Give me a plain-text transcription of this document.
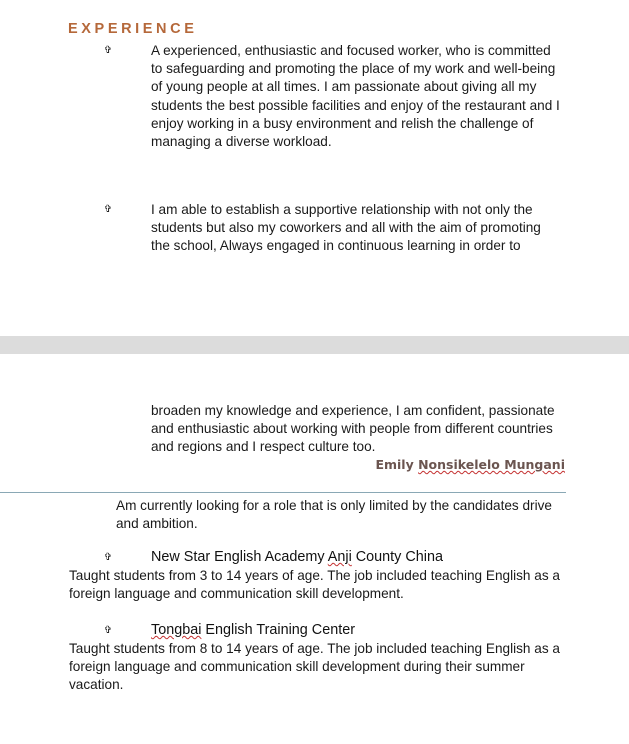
EXPERIENCE
✞

A experienced, enthusiastic and focused worker, who is committed to safeguarding and promoting the place of my work and well-being of young people at all times. I am passionate about giving all my students the best possible facilities and enjoy of the restaurant and I enjoy working in a busy environment and relish the challenge of managing a diverse workload.

✞

I am able to establish a supportive relationship with not only the students but also my coworkers and all with the aim of promoting the school, Always engaged in continuous learning in order to

broaden my knowledge and experience, I am confident, passionate and enthusiastic about working with people from different countries and regions and I respect culture too.

Emily Nonsikelelo Mungani

Am currently looking for a role that is only limited by the candidates drive and ambition.

✞
New Star English Academy Anji County China

Taught students from 3 to 14 years of age. The job included teaching English as a foreign language and communication skill development.

✞
Tongbai English Training Center

Taught students from 8 to 14 years of age. The job included teaching English as a foreign language and communication skill development during their summer vacation.
